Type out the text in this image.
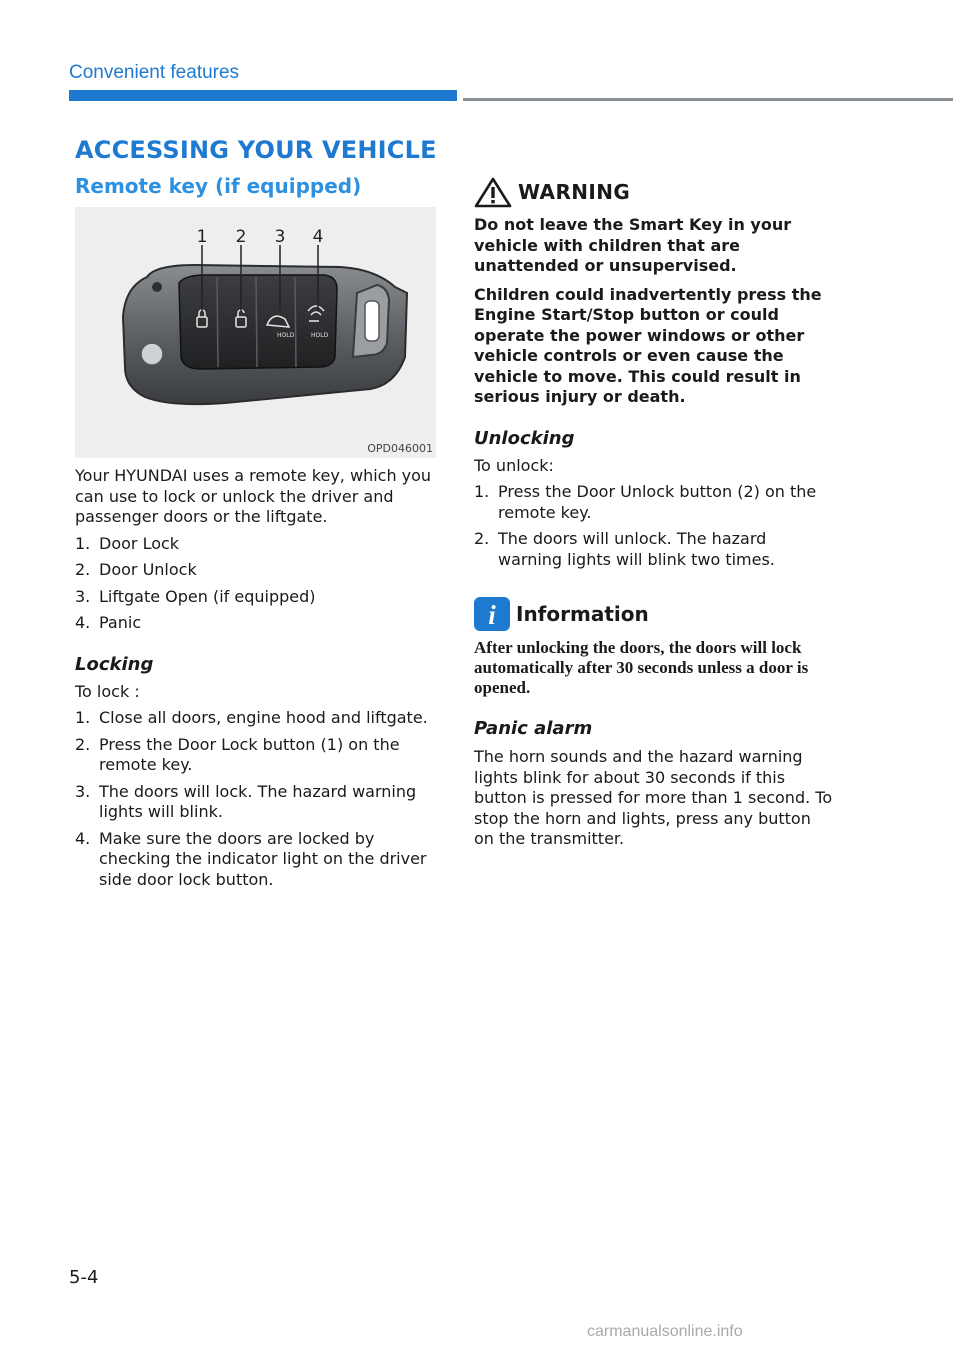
Convenient features
ACCESSING YOUR VEHICLE
Remote key (if equipped)
HOLD	HOLD
1 2 3 4
OPD046001

Your HYUNDAI uses a remote key, which you can use to lock or unlock the driver and passenger doors or the liftgate.

1. Door Lock
2. Door Unlock
3. Liftgate Open (if equipped)
4. Panic
Locking

To lock :

1. Close all doors, engine hood and liftgate.
2. Press the Door Lock button (1) on the remote key.
3. The doors will lock. The hazard warning lights will blink.
4. Make sure the doors are locked by checking the indicator light on the driver side door lock button.
WARNING

Do not leave the Smart Key in your vehicle with children that are unattended or unsupervised.

Children could inadvertently press the Engine Start/Stop button or could operate the power windows or other vehicle controls or even cause the vehicle to move. This could result in serious injury or death.

Unlocking

To unlock:

1. Press the Door Unlock button (2) on the remote key.
2. The doors will unlock. The hazard warning lights will blink two times.
i Information

After unlocking the doors, the doors will lock automatically after 30 seconds unless a door is opened.

Panic alarm

The horn sounds and the hazard warning lights blink for about 30 seconds if this button is pressed for more than 1 second. To stop the horn and lights, press any button on the transmitter.

5-4
carmanualsonline.info
